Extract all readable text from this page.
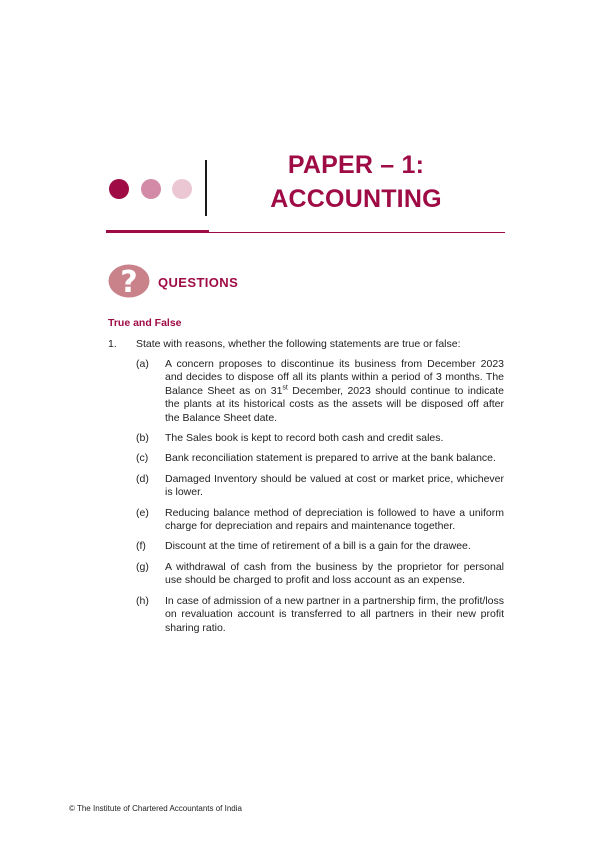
PAPER – 1:
ACCOUNTING
? QUESTIONS
True and False
1. State with reasons, whether the following statements are true or false:
(a) A concern proposes to discontinue its business from December 2023 and decides to dispose off all its plants within a period of 3 months. The Balance Sheet as on 31st December, 2023 should continue to indicate the plants at its historical costs as the assets will be disposed off after the Balance Sheet date.
(b) The Sales book is kept to record both cash and credit sales.
(c) Bank reconciliation statement is prepared to arrive at the bank balance.
(d) Damaged Inventory should be valued at cost or market price, whichever is lower.
(e) Reducing balance method of depreciation is followed to have a uniform charge for depreciation and repairs and maintenance together.
(f) Discount at the time of retirement of a bill is a gain for the drawee.
(g) A withdrawal of cash from the business by the proprietor for personal use should be charged to profit and loss account as an expense.
(h) In case of admission of a new partner in a partnership firm, the profit/loss on revaluation account is transferred to all partners in their new profit sharing ratio.
© The Institute of Chartered Accountants of India
